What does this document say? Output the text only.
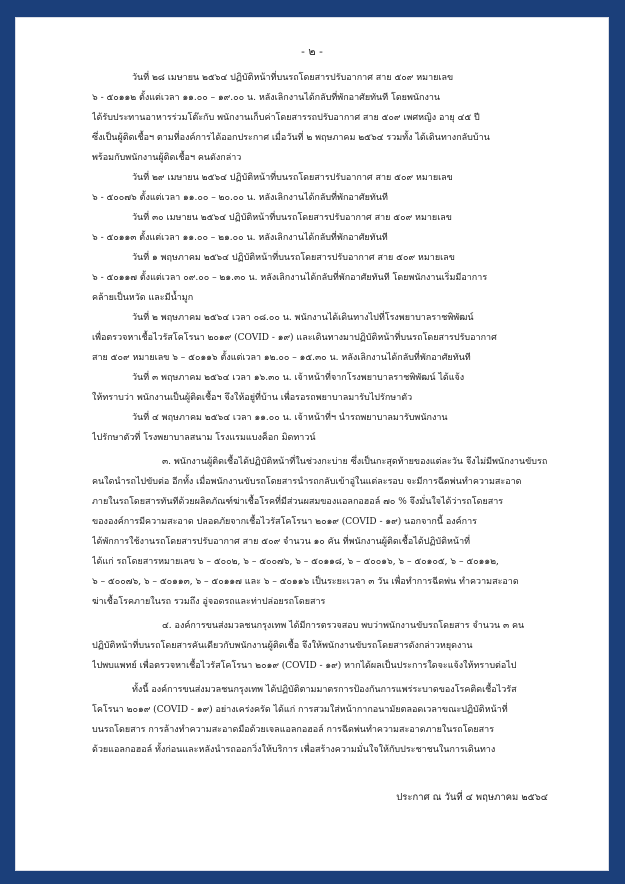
- ๒ -
วันที่ ๒๘ เมษายน ๒๕๖๔ ปฏิบัติหน้าที่บนรถโดยสารปรับอากาศ สาย ๕๐๙ หมายเลข
๖ - ๕๐๑๑๒ ตั้งแต่เวลา ๑๑.๐๐ – ๑๙.๐๐ น. หลังเลิกงานได้กลับที่พักอาศัยทันที โดยพนักงาน
ได้รับประทานอาหารร่วมโต๊ะกับ พนักงานเก็บค่าโดยสารรถปรับอากาศ สาย ๕๐๙ เพศหญิง อายุ ๔๕ ปี
ซึ่งเป็นผู้ติดเชื้อฯ ตามที่องค์การได้ออกประกาศ เมื่อวันที่ ๒ พฤษภาคม ๒๕๖๔ รวมทั้ง ได้เดินทางกลับบ้าน
พร้อมกับพนักงานผู้ติดเชื้อฯ คนดังกล่าว
วันที่ ๒๙ เมษายน ๒๕๖๔ ปฏิบัติหน้าที่บนรถโดยสารปรับอากาศ สาย ๕๐๙ หมายเลข
๖ - ๕๐๐๗๖ ตั้งแต่เวลา ๑๑.๐๐ – ๒๐.๐๐ น. หลังเลิกงานได้กลับที่พักอาศัยทันที
วันที่ ๓๐ เมษายน ๒๕๖๔ ปฏิบัติหน้าที่บนรถโดยสารปรับอากาศ สาย ๕๐๙ หมายเลข
๖ - ๕๐๑๑๓ ตั้งแต่เวลา ๑๑.๐๐ – ๒๑.๐๐ น. หลังเลิกงานได้กลับที่พักอาศัยทันที
วันที่ ๑ พฤษภาคม ๒๕๖๔ ปฏิบัติหน้าที่บนรถโดยสารปรับอากาศ สาย ๕๐๙ หมายเลข
๖ - ๕๐๑๑๗ ตั้งแต่เวลา ๐๙.๐๐ – ๒๑.๓๐ น. หลังเลิกงานได้กลับที่พักอาศัยทันที โดยพนักงานเริ่มมีอาการ
คล้ายเป็นหวัด และมีน้ำมูก
วันที่ ๒ พฤษภาคม ๒๕๖๔ เวลา ๐๘.๐๐ น. พนักงานได้เดินทางไปที่โรงพยาบาลราชพิพัฒน์
เพื่อตรวจหาเชื้อไวรัสโคโรนา ๒๐๑๙ (COVID - ๑๙) และเดินทางมาปฏิบัติหน้าที่บนรถโดยสารปรับอากาศ
สาย ๕๐๙ หมายเลข ๖ – ๕๐๑๑๖ ตั้งแต่เวลา ๑๒.๐๐ – ๑๕.๓๐ น. หลังเลิกงานได้กลับที่พักอาศัยทันที
วันที่ ๓ พฤษภาคม ๒๕๖๔ เวลา ๑๖.๓๐ น. เจ้าหน้าที่จากโรงพยาบาลราชพิพัฒน์ ได้แจ้ง
ให้ทราบว่า พนักงานเป็นผู้ติดเชื้อฯ จึงให้อยู่ที่บ้าน เพื่อรอรถพยาบาลมารับไปรักษาตัว
วันที่ ๔ พฤษภาคม ๒๕๖๔ เวลา ๑๑.๐๐ น. เจ้าหน้าที่ฯ นำรถพยาบาลมารับพนักงาน
ไปรักษาตัวที่ โรงพยาบาลสนาม โรงแรมแบงค็อก มิดทาวน์
๓. พนักงานผู้ติดเชื้อได้ปฏิบัติหน้าที่ในช่วงกะบ่าย ซึ่งเป็นกะสุดท้ายของแต่ละวัน จึงไม่มีพนักงานขับรถ
คนใดนำรถไปขับต่อ อีกทั้ง เมื่อพนักงานขับรถโดยสารนำรถกลับเข้าอู่ในแต่ละรอบ จะมีการฉีดพ่นทำความสะอาด
ภายในรถโดยสารทันทีด้วยผลิตภัณฑ์ฆ่าเชื้อโรคที่มีส่วนผสมของแอลกอฮอล์ ๗๐ % จึงมั่นใจได้ว่ารถโดยสาร
ขององค์การมีความสะอาด ปลอดภัยจากเชื้อไวรัสโคโรนา ๒๐๑๙ (COVID - ๑๙) นอกจากนี้ องค์การ
ได้พักการใช้งานรถโดยสารปรับอากาศ สาย ๕๐๙ จำนวน ๑๐ คัน ที่พนักงานผู้ติดเชื้อได้ปฏิบัติหน้าที่
ได้แก่ รถโดยสารหมายเลข ๖ – ๕๐๐๒, ๖ – ๕๐๐๗๖, ๖ – ๕๐๑๑๘, ๖ – ๕๐๐๑๖, ๖ – ๕๐๑๐๕, ๖ – ๕๐๑๑๒,
๖ – ๕๐๐๗๖, ๖ – ๕๐๑๑๓, ๖ – ๕๐๑๑๗ และ ๖ – ๕๐๑๑๖ เป็นระยะเวลา ๓ วัน เพื่อทำการฉีดพ่น ทำความสะอาด
ฆ่าเชื้อโรคภายในรถ รวมถึง อู่จอดรถและท่าปล่อยรถโดยสาร
๔. องค์การขนส่งมวลชนกรุงเทพ ได้มีการตรวจสอบ พบว่าพนักงานขับรถโดยสาร จำนวน ๓ คน
ปฏิบัติหน้าที่บนรถโดยสารคันเดียวกับพนักงานผู้ติดเชื้อ จึงให้พนักงานขับรถโดยสารดังกล่าวหยุดงาน
ไปพบแพทย์ เพื่อตรวจหาเชื้อไวรัสโคโรนา ๒๐๑๙ (COVID - ๑๙) หากได้ผลเป็นประการใดจะแจ้งให้ทราบต่อไป
ทั้งนี้ องค์การขนส่งมวลชนกรุงเทพ ได้ปฏิบัติตามมาตรการป้องกันการแพร่ระบาดของโรคติดเชื้อไวรัส
โคโรนา ๒๐๑๙ (COVID - ๑๙) อย่างเคร่งครัด ได้แก่ การสวมใส่หน้ากากอนามัยตลอดเวลาขณะปฏิบัติหน้าที่
บนรถโดยสาร การล้างทำความสะอาดมือด้วยเจลแอลกอฮอล์ การฉีดพ่นทำความสะอาดภายในรถโดยสาร
ด้วยแอลกอฮอล์ ทั้งก่อนและหลังนำรถออกวิ่งให้บริการ เพื่อสร้างความมั่นใจให้กับประชาชนในการเดินทาง
ประกาศ ณ วันที่ ๔ พฤษภาคม ๒๕๖๔
